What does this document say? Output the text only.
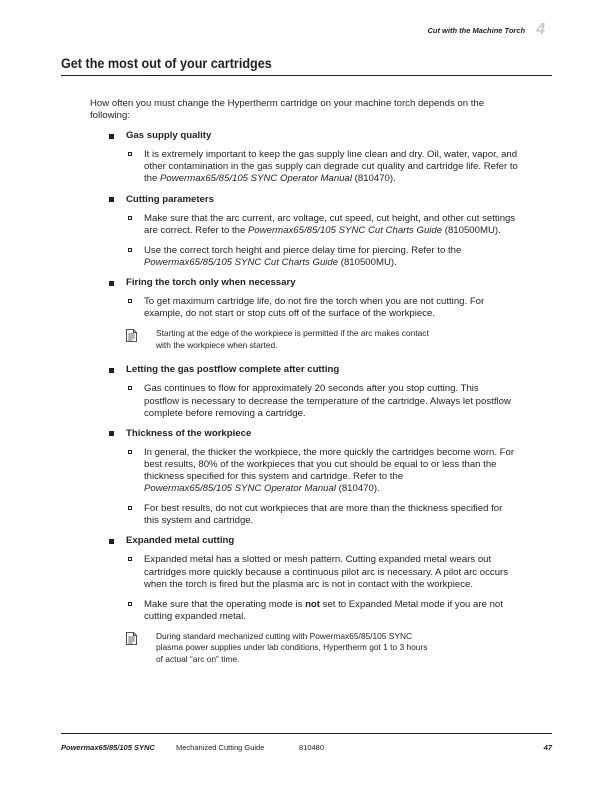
Cut with the Machine Torch 4
Get the most out of your cartridges

How often you must change the Hypertherm cartridge on your machine torch depends on the
following:

Gas supply quality
It is extremely important to keep the gas supply line clean and dry. Oil, water, vapor, and
other contamination in the gas supply can degrade cut quality and cartridge life. Refer to
the Powermax65/85/105 SYNC Operator Manual (810470).
Cutting parameters
Make sure that the arc current, arc voltage, cut speed, cut height, and other cut settings
are correct. Refer to the Powermax65/85/105 SYNC Cut Charts Guide (810500MU).
Use the correct torch height and pierce delay time for piercing. Refer to the
Powermax65/85/105 SYNC Cut Charts Guide (810500MU).
Firing the torch only when necessary
To get maximum cartridge life, do not fire the torch when you are not cutting. For
example, do not start or stop cuts off of the surface of the workpiece.
Starting at the edge of the workpiece is permitted if the arc makes contact
with the workpiece when started.
Letting the gas postflow complete after cutting
Gas continues to flow for approximately 20 seconds after you stop cutting. This
postflow is necessary to decrease the temperature of the cartridge. Always let postflow
complete before removing a cartridge.
Thickness of the workpiece
In general, the thicker the workpiece, the more quickly the cartridges become worn. For
best results, 80% of the workpieces that you cut should be equal to or less than the
thickness specified for this system and cartridge. Refer to the
Powermax65/85/105 SYNC Operator Manual (810470).
For best results, do not cut workpieces that are more than the thickness specified for
this system and cartridge.
Expanded metal cutting
Expanded metal has a slotted or mesh pattern. Cutting expanded metal wears out
cartridges more quickly because a continuous pilot arc is necessary. A pilot arc occurs
when the torch is fired but the plasma arc is not in contact with the workpiece.
Make sure that the operating mode is not set to Expanded Metal mode if you are not
cutting expanded metal.
During standard mechanized cutting with Powermax65/85/105 SYNC
plasma power supplies under lab conditions, Hypertherm got 1 to 3 hours
of actual “arc on” time.
Powermax65/85/105 SYNC	Mechanized Cutting Guide	810480	47
